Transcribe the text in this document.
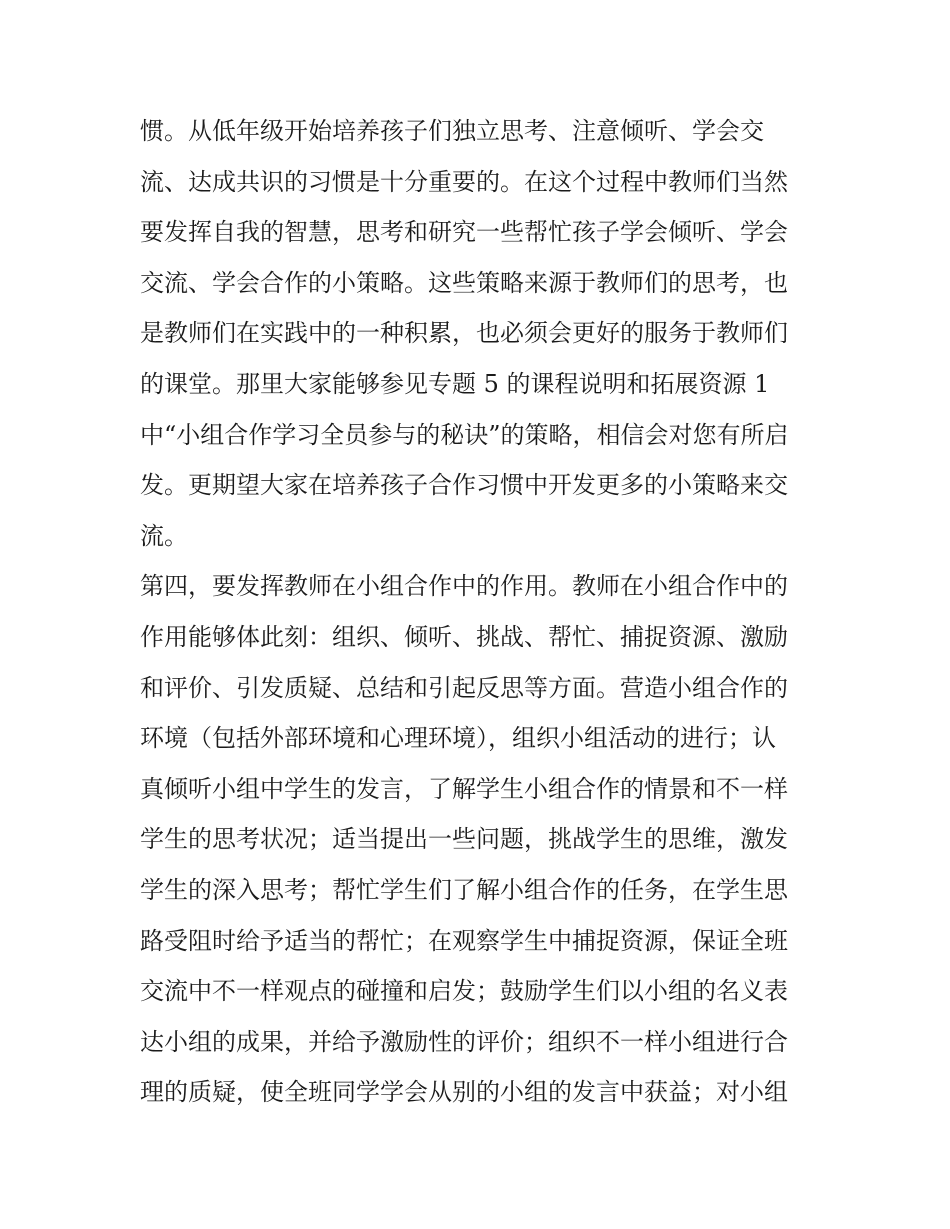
惯。从低年级开始培养孩子们独立思考、注意倾听、学会交
流、达成共识的习惯是十分重要的。在这个过程中教师们当然
要发挥自我的智慧，思考和研究一些帮忙孩子学会倾听、学会
交流、学会合作的小策略。这些策略来源于教师们的思考，也
是教师们在实践中的一种积累，也必须会更好的服务于教师们
的课堂。那里大家能够参见专题 5 的课程说明和拓展资源 1
中“小组合作学习全员参与的秘诀”的策略，相信会对您有所启
发。更期望大家在培养孩子合作习惯中开发更多的小策略来交
流。
第四，要发挥教师在小组合作中的作用。教师在小组合作中的
作用能够体此刻：组织、倾听、挑战、帮忙、捕捉资源、激励
和评价、引发质疑、总结和引起反思等方面。营造小组合作的
环境（包括外部环境和心理环境），组织小组活动的进行；认
真倾听小组中学生的发言，了解学生小组合作的情景和不一样
学生的思考状况；适当提出一些问题，挑战学生的思维，激发
学生的深入思考；帮忙学生们了解小组合作的任务，在学生思
路受阻时给予适当的帮忙；在观察学生中捕捉资源，保证全班
交流中不一样观点的碰撞和启发；鼓励学生们以小组的名义表
达小组的成果，并给予激励性的评价；组织不一样小组进行合
理的质疑，使全班同学学会从别的小组的发言中获益；对小组
